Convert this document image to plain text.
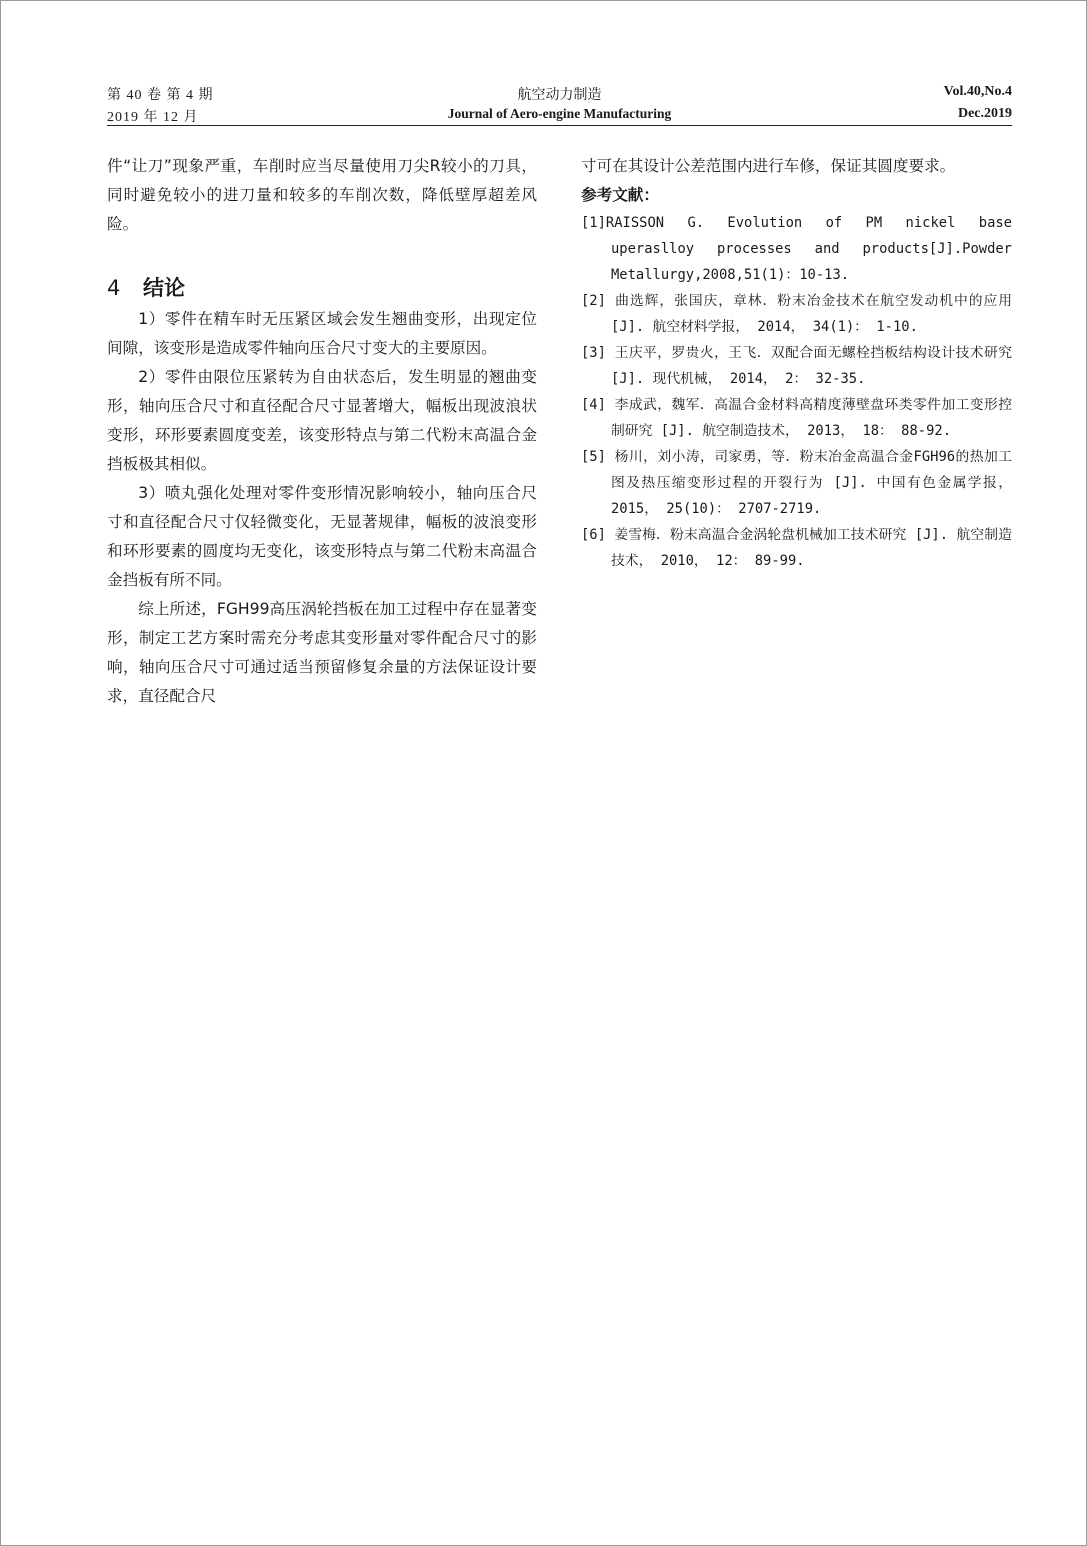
第 40 卷 第 4 期
2019 年 12 月
航空动力制造
Journal of Aero-engine Manufacturing
Vol.40,No.4
Dec.2019

件“让刀”现象严重，车削时应当尽量使用刀尖R较小的刀具，同时避免较小的进刀量和较多的车削次数，降低壁厚超差风险。

4 结论

1）零件在精车时无压紧区域会发生翘曲变形，出现定位间隙，该变形是造成零件轴向压合尺寸变大的主要原因。

2）零件由限位压紧转为自由状态后，发生明显的翘曲变形，轴向压合尺寸和直径配合尺寸显著增大，幅板出现波浪状变形，环形要素圆度变差，该变形特点与第二代粉末高温合金挡板极其相似。

3）喷丸强化处理对零件变形情况影响较小，轴向压合尺寸和直径配合尺寸仅轻微变化，无显著规律，幅板的波浪变形和环形要素的圆度均无变化，该变形特点与第二代粉末高温合金挡板有所不同。

综上所述，FGH99高压涡轮挡板在加工过程中存在显著变形，制定工艺方案时需充分考虑其变形量对零件配合尺寸的影响，轴向压合尺寸可通过适当预留修复余量的方法保证设计要求，直径配合尺

寸可在其设计公差范围内进行车修，保证其圆度要求。

参考文献：

[1]RAISSON G. Evolution of PM nickel base uperaslloy processes and products[J].Powder Metallurgy,2008,51(1)：10-13.

[2] 曲选辉，张国庆，章林．粉末冶金技术在航空发动机中的应用 [J]. 航空材料学报， 2014， 34(1)： 1-10.

[3] 王庆平，罗贵火，王飞．双配合面无螺栓挡板结构设计技术研究 [J]. 现代机械， 2014， 2： 32-35.

[4] 李成武，魏军．高温合金材料高精度薄壁盘环类零件加工变形控制研究 [J]. 航空制造技术， 2013， 18： 88-92.

[5] 杨川，刘小涛，司家勇，等．粉末冶金高温合金FGH96的热加工图及热压缩变形过程的开裂行为 [J]. 中国有色金属学报， 2015， 25(10)： 2707-2719.

[6] 姜雪梅．粉末高温合金涡轮盘机械加工技术研究 [J]. 航空制造技术， 2010， 12： 89-99.
